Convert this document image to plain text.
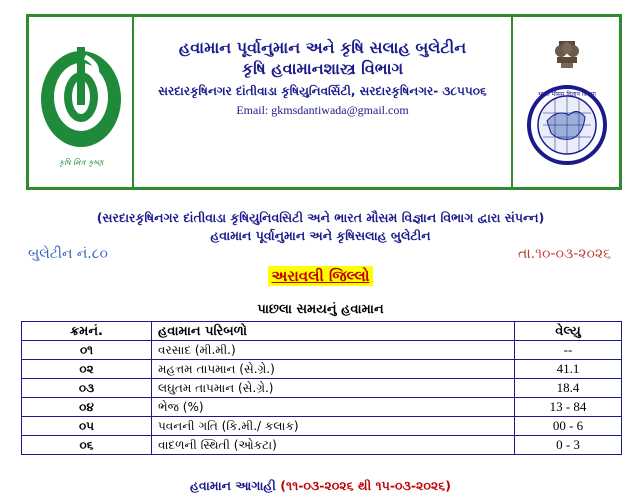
કૃષિ મિત્ર કૃષ્ણ
હવામાન પૂર્વાનુમાન અને કૃષિ સલાહ બુલેટીન
કૃષિ હવામાનશાસ્ત્ર વિભાગ
સરદારકૃષિનગર દાંતીવાડા કૃષિયુનિવર્સિટી, સરદારકૃષિનગર- ૩૮૫૫૦૬
Email: gkmsdantiwada@gmail.com
भारत मौसम विज्ञान विभाग
(સરદારકૃષિનગર દાંતીવાડા કૃષિયુનિવસિટી અને ભારત મૌસમ વિજ્ઞાન વિભાગ દ્વારા સંપન્ન)
હવામાન પૂર્વાનુમાન અને કૃષિસલાહ બુલેટીન
બુલેટીન નં.૮૦	તા.૧૦-૦૩-૨૦૨૬
અરાવલી જિલ્લો
પાછલા સમયનું હવામાન
ક્રમનં.	હવામાન પરિબળો	વેલ્યુ
૦૧	વરસાદ (મી.મી.)	--
૦૨	મહત્તમ તાપમાન (સે.ગ્રે.)	41.1
૦૩	લઘુતમ તાપમાન (સે.ગ્રે.)	18.4
૦૪	ભેજ (%)	13 - 84
૦૫	પવનની ગતિ (કિ.મી./ કલાક)	00 - 6
૦૬	વાદળની સ્થિતી (ઓકટા)	0 - 3
હવામાન આગાહી (૧૧-૦૩-૨૦૨૬ થી ૧૫-૦૩-૨૦૨૬)
